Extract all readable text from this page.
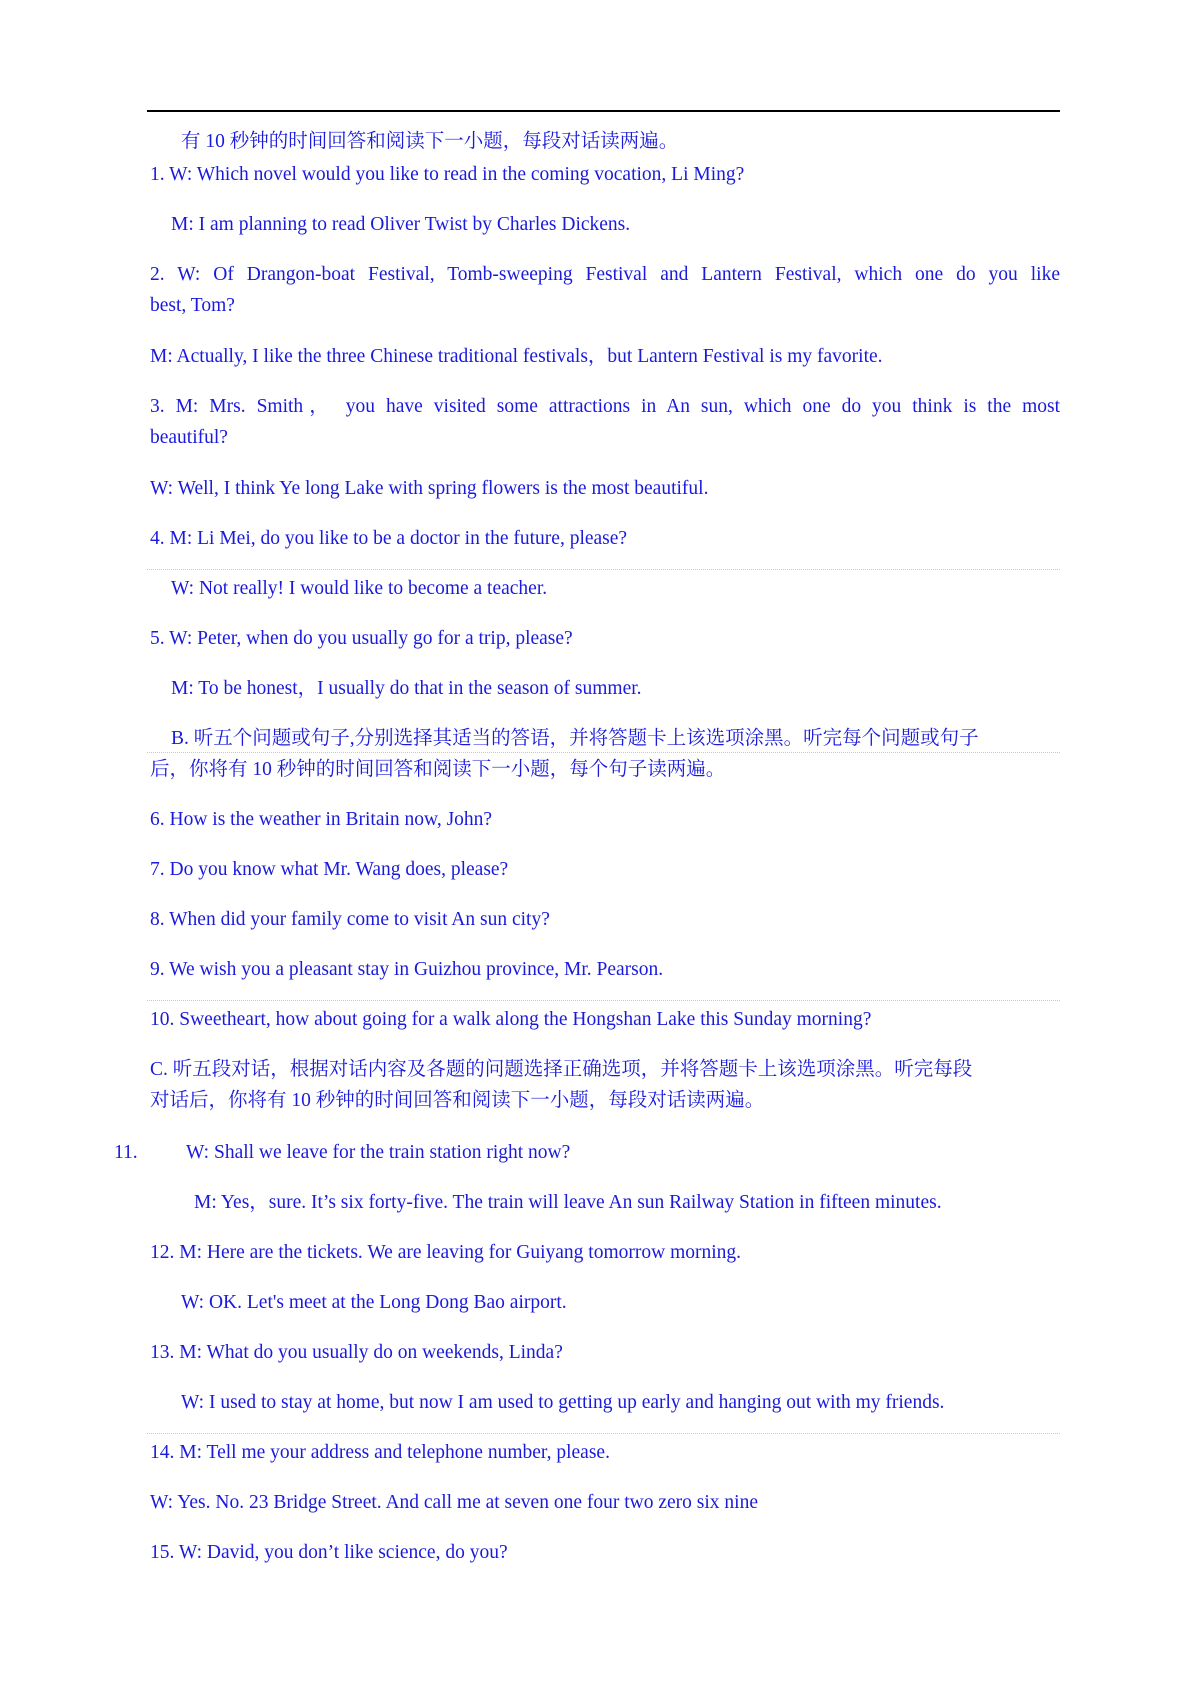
有 10 秒钟的时间回答和阅读下一小题，每段对话读两遍。
1. W: Which novel would you like to read in the coming vocation, Li Ming?
M: I am planning to read Oliver Twist by Charles Dickens.
2. W: Of Drangon-boat Festival, Tomb-sweeping Festival and Lantern Festival, which one do you like
best, Tom?
M: Actually, I like the three Chinese traditional festivals，but Lantern Festival is my favorite.
3. M: Mrs. Smith， you have visited some attractions in An sun, which one do you think is the most
beautiful?
W: Well, I think Ye long Lake with spring flowers is the most beautiful.
4. M: Li Mei, do you like to be a doctor in the future, please?
W: Not really! I would like to become a teacher.
5. W: Peter, when do you usually go for a trip, please?
M: To be honest，I usually do that in the season of summer.
B. 听五个问题或句子,分别选择其适当的答语，并将答题卡上该选项涂黑。听完每个问题或句子
后，你将有 10 秒钟的时间回答和阅读下一小题，每个句子读两遍。
6. How is the weather in Britain now, John?
7. Do you know what Mr. Wang does, please?
8. When did your family come to visit An sun city?
9. We wish you a pleasant stay in Guizhou province, Mr. Pearson.
10. Sweetheart, how about going for a walk along the Hongshan Lake this Sunday morning?
C. 听五段对话，根据对话内容及各题的问题选择正确选项，并将答题卡上该选项涂黑。听完每段
对话后，你将有 10 秒钟的时间回答和阅读下一小题，每段对话读两遍。
11. W: Shall we leave for the train station right now?
M: Yes，sure. It’s six forty-five. The train will leave An sun Railway Station in fifteen minutes.
12. M: Here are the tickets. We are leaving for Guiyang tomorrow morning.
W: OK. Let's meet at the Long Dong Bao airport.
13. M: What do you usually do on weekends, Linda?
W: I used to stay at home, but now I am used to getting up early and hanging out with my friends.
14. M: Tell me your address and telephone number, please.
W: Yes. No. 23 Bridge Street. And call me at seven one four two zero six nine
15. W: David, you don’t like science, do you?
